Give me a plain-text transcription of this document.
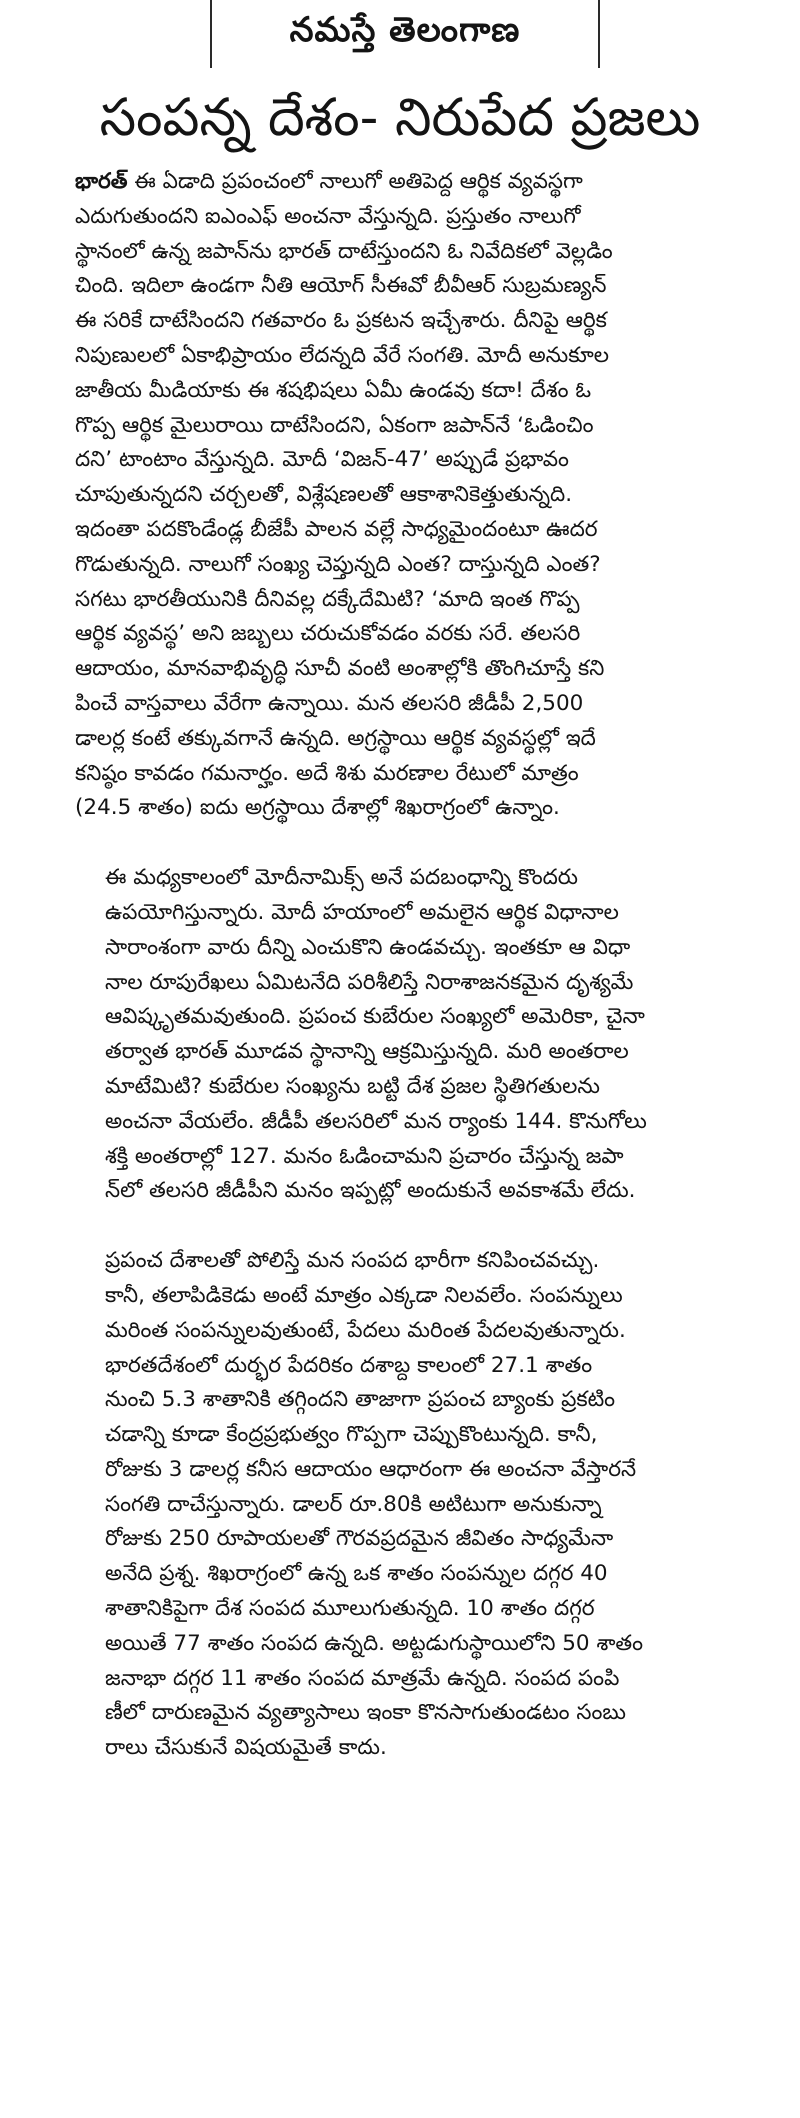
నమస్తే తెలంగాణ
సంపన్న దేశం- నిరుపేద ప్రజలు

భారత్ ఈ ఏడాది ప్రపంచంలో నాలుగో అతిపెద్ద ఆర్థిక వ్యవస్థగా
ఎదుగుతుందని ఐఎంఎఫ్ అంచనా వేస్తున్నది. ప్రస్తుతం నాలుగో
స్థానంలో ఉన్న జపాన్‌ను భారత్ దాటేస్తుందని ఓ నివేదికలో వెల్లడిం
చింది. ఇదిలా ఉండగా నీతి ఆయోగ్ సీఈవో బీవీఆర్ సుబ్రమణ్యన్
ఈ సరికే దాటేసిందని గతవారం ఓ ప్రకటన ఇచ్చేశారు. దీనిపై ఆర్థిక
నిపుణులలో ఏకాభిప్రాయం లేదన్నది వేరే సంగతి. మోదీ అనుకూల
జాతీయ మీడియాకు ఈ శషభిషలు ఏమీ ఉండవు కదా! దేశం ఓ
గొప్ప ఆర్థిక మైలురాయి దాటేసిందని, ఏకంగా జపాన్‌నే ‘ఓడించిం
దని’ టాంటాం వేస్తున్నది. మోదీ ‘విజన్-47’ అప్పుడే ప్రభావం
చూపుతున్నదని చర్చలతో, విశ్లేషణలతో ఆకాశానికెత్తుతున్నది.
ఇదంతా పదకొండేండ్ల బీజేపీ పాలన వల్లే సాధ్యమైందంటూ ఊదర
గొడుతున్నది. నాలుగో సంఖ్య చెప్తున్నది ఎంత? దాస్తున్నది ఎంత?
సగటు భారతీయునికి దీనివల్ల దక్కేదేమిటి? ‘మాది ఇంత గొప్ప
ఆర్థిక వ్యవస్థ’ అని జబ్బలు చరుచుకోవడం వరకు సరే. తలసరి
ఆదాయం, మానవాభివృద్ధి సూచీ వంటి అంశాల్లోకి తొంగిచూస్తే కని
పించే వాస్తవాలు వేరేగా ఉన్నాయి. మన తలసరి జీడీపీ 2,500
డాలర్ల కంటే తక్కువగానే ఉన్నది. అగ్రస్థాయి ఆర్థిక వ్యవస్థల్లో ఇదే
కనిష్ఠం కావడం గమనార్హం. అదే శిశు మరణాల రేటులో మాత్రం
(24.5 శాతం) ఐదు అగ్రస్థాయి దేశాల్లో శిఖరాగ్రంలో ఉన్నాం.

ఈ మధ్యకాలంలో మోదీనామిక్స్ అనే పదబంధాన్ని కొందరు
ఉపయోగిస్తున్నారు. మోదీ హయాంలో అమలైన ఆర్థిక విధానాల
సారాంశంగా వారు దీన్ని ఎంచుకొని ఉండవచ్చు. ఇంతకూ ఆ విధా
నాల రూపురేఖలు ఏమిటనేది పరిశీలిస్తే నిరాశాజనకమైన దృశ్యమే
ఆవిష్కృతమవుతుంది. ప్రపంచ కుబేరుల సంఖ్యలో అమెరికా, చైనా
తర్వాత భారత్ మూడవ స్థానాన్ని ఆక్రమిస్తున్నది. మరి అంతరాల
మాటేమిటి? కుబేరుల సంఖ్యను బట్టి దేశ ప్రజల స్థితిగతులను
అంచనా వేయలేం. జీడీపీ తలసరిలో మన ర్యాంకు 144. కొనుగోలు
శక్తి అంతరాల్లో 127. మనం ఓడించామని ప్రచారం చేస్తున్న జపా
న్‌లో తలసరి జీడీపీని మనం ఇప్పట్లో అందుకునే అవకాశమే లేదు.

ప్రపంచ దేశాలతో పోలిస్తే మన సంపద భారీగా కనిపించవచ్చు.
కానీ, తలాపిడికెడు అంటే మాత్రం ఎక్కడా నిలవలేం. సంపన్నులు
మరింత సంపన్నులవుతుంటే, పేదలు మరింత పేదలవుతున్నారు.
భారతదేశంలో దుర్భర పేదరికం దశాబ్ద కాలంలో 27.1 శాతం
నుంచి 5.3 శాతానికి తగ్గిందని తాజాగా ప్రపంచ బ్యాంకు ప్రకటిం
చడాన్ని కూడా కేంద్రప్రభుత్వం గొప్పగా చెప్పుకొంటున్నది. కానీ,
రోజుకు 3 డాలర్ల కనీస ఆదాయం ఆధారంగా ఈ అంచనా వేస్తారనే
సంగతి దాచేస్తున్నారు. డాలర్ రూ.80కి అటిటుగా అనుకున్నా
రోజుకు 250 రూపాయలతో గౌరవప్రదమైన జీవితం సాధ్యమేనా
అనేది ప్రశ్న. శిఖరాగ్రంలో ఉన్న ఒక శాతం సంపన్నుల దగ్గర 40
శాతానికిపైగా దేశ సంపద మూలుగుతున్నది. 10 శాతం దగ్గర
అయితే 77 శాతం సంపద ఉన్నది. అట్టడుగుస్థాయిలోని 50 శాతం
జనాభా దగ్గర 11 శాతం సంపద మాత్రమే ఉన్నది. సంపద పంపి
ణీలో దారుణమైన వ్యత్యాసాలు ఇంకా కొనసాగుతుండటం సంబు
రాలు చేసుకునే విషయమైతే కాదు.
